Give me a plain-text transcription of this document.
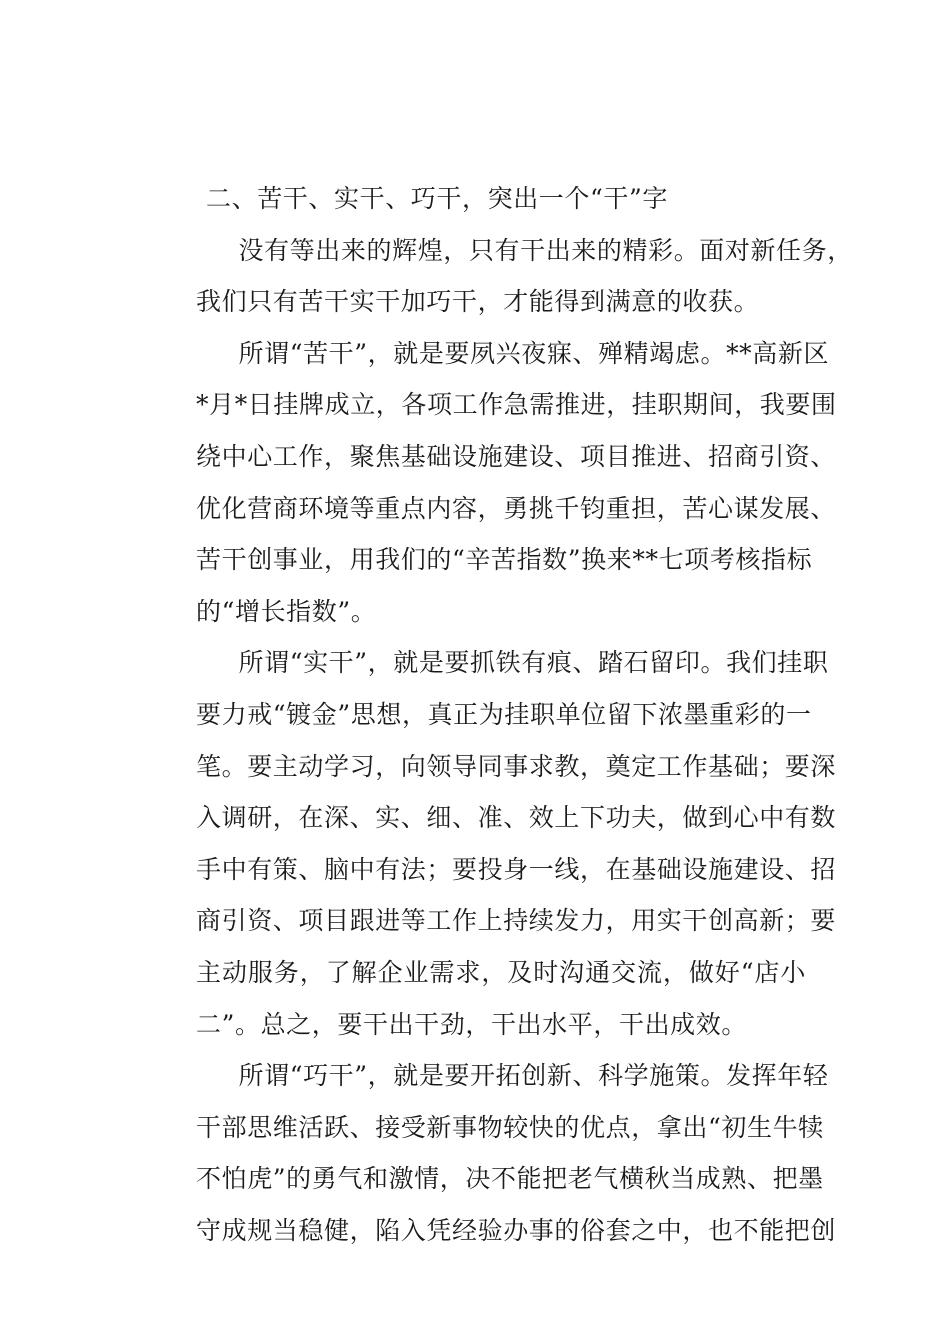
二、苦干、实干、巧干，突出一个“干”字

没有等出来的辉煌，只有干出来的精彩。面对新任务，
我们只有苦干实干加巧干，才能得到满意的收获。

所谓“苦干”，就是要夙兴夜寐、殚精竭虑。**高新区
*月*日挂牌成立，各项工作急需推进，挂职期间，我要围
绕中心工作，聚焦基础设施建设、项目推进、招商引资、
优化营商环境等重点内容，勇挑千钧重担，苦心谋发展、
苦干创事业，用我们的“辛苦指数”换来**七项考核指标
的“增长指数”。

所谓“实干”，就是要抓铁有痕、踏石留印。我们挂职
要力戒“镀金”思想，真正为挂职单位留下浓墨重彩的一
笔。要主动学习，向领导同事求教，奠定工作基础；要深
入调研，在深、实、细、准、效上下功夫，做到心中有数
手中有策、脑中有法；要投身一线，在基础设施建设、招
商引资、项目跟进等工作上持续发力，用实干创高新；要
主动服务，了解企业需求，及时沟通交流，做好“店小
二”。总之，要干出干劲，干出水平，干出成效。

所谓“巧干”，就是要开拓创新、科学施策。发挥年轻
干部思维活跃、接受新事物较快的优点，拿出“初生牛犊
不怕虎”的勇气和激情，决不能把老气横秋当成熟、把墨
守成规当稳健，陷入凭经验办事的俗套之中，也不能把创
